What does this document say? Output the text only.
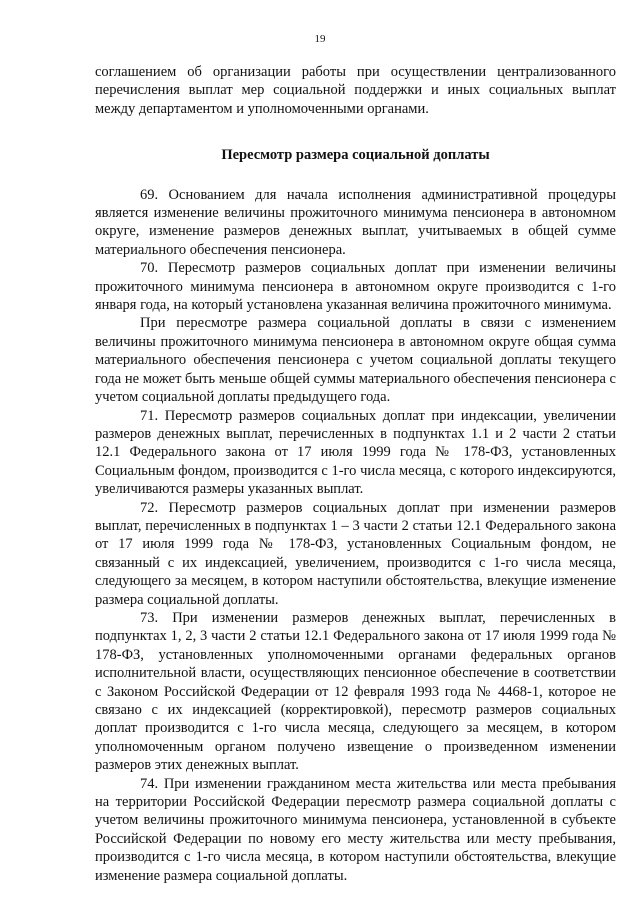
19

соглашением об организации работы при осуществлении централизованного перечисления выплат мер социальной поддержки и иных социальных выплат между департаментом и уполномоченными органами.

Пересмотр размера социальной доплаты

69. Основанием для начала исполнения административной процедуры является изменение величины прожиточного минимума пенсионера в автономном округе, изменение размеров денежных выплат, учитываемых в общей сумме материального обеспечения пенсионера.

70. Пересмотр размеров социальных доплат при изменении величины прожиточного минимума пенсионера в автономном округе производится с 1-го января года, на который установлена указанная величина прожиточного минимума.

При пересмотре размера социальной доплаты в связи с изменением величины прожиточного минимума пенсионера в автономном округе общая сумма материального обеспечения пенсионера с учетом социальной доплаты текущего года не может быть меньше общей суммы материального обеспечения пенсионера с учетом социальной доплаты предыдущего года.

71. Пересмотр размеров социальных доплат при индексации, увеличении размеров денежных выплат, перечисленных в подпунктах 1.1 и 2 части 2 статьи 12.1 Федерального закона от 17 июля 1999 года № 178-ФЗ, установленных Социальным фондом, производится с 1-го числа месяца, с которого индексируются, увеличиваются размеры указанных выплат.

72. Пересмотр размеров социальных доплат при изменении размеров выплат, перечисленных в подпунктах 1 – 3 части 2 статьи 12.1 Федерального закона от 17 июля 1999 года № 178-ФЗ, установленных Социальным фондом, не связанный с их индексацией, увеличением, производится с 1-го числа месяца, следующего за месяцем, в котором наступили обстоятельства, влекущие изменение размера социальной доплаты.

73. При изменении размеров денежных выплат, перечисленных в подпунктах 1, 2, 3 части 2 статьи 12.1 Федерального закона от 17 июля 1999 года № 178-ФЗ, установленных уполномоченными органами федеральных органов исполнительной власти, осуществляющих пенсионное обеспечение в соответствии с Законом Российской Федерации от 12 февраля 1993 года № 4468-1, которое не связано с их индексацией (корректировкой), пересмотр размеров социальных доплат производится с 1-го числа месяца, следующего за месяцем, в котором уполномоченным органом получено извещение о произведенном изменении размеров этих денежных выплат.

74. При изменении гражданином места жительства или места пребывания на территории Российской Федерации пересмотр размера социальной доплаты с учетом величины прожиточного минимума пенсионера, установленной в субъекте Российской Федерации по новому его месту жительства или месту пребывания, производится с 1-го числа месяца, в котором наступили обстоятельства, влекущие изменение размера социальной доплаты.
